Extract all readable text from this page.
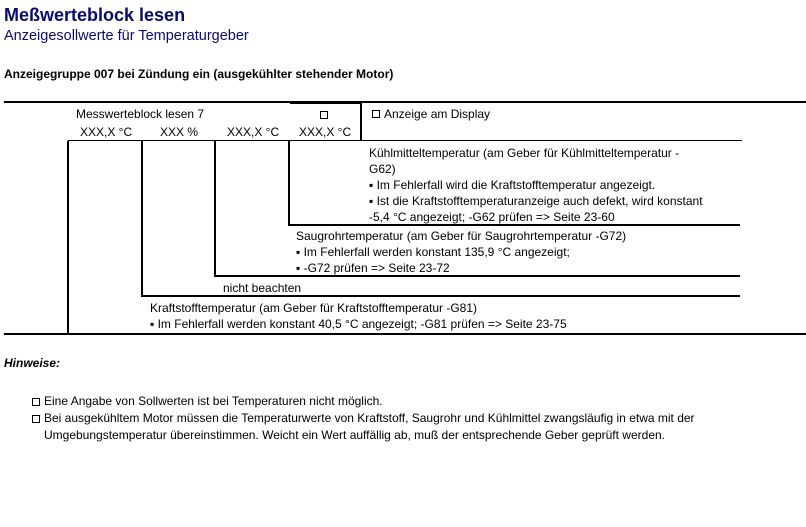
Meßwerteblock lesen
Anzeigesollwerte für Temperaturgeber
Anzeigegruppe 007 bei Zündung ein (ausgekühlter stehender Motor)
Messwerteblock lesen 7	Anzeige am Display
XXX,X °C XXX % XXX,X °C XXX,X °C
Kühlmitteltemperatur (am Geber für Kühlmitteltemperatur -
G62)
▪ Im Fehlerfall wird die Kraftstofftemperatur angezeigt.
▪ Ist die Kraftstofftemperaturanzeige auch defekt, wird konstant
-5,4 °C angezeigt; -G62 prüfen => Seite 23-60
Saugrohrtemperatur (am Geber für Saugrohrtemperatur -G72)
▪ Im Fehlerfall werden konstant 135,9 °C angezeigt;
▪ -G72 prüfen => Seite 23-72
nicht beachten
Kraftstofftemperatur (am Geber für Kraftstofftemperatur -G81)
▪ Im Fehlerfall werden konstant 40,5 °C angezeigt; -G81 prüfen => Seite 23-75
Hinweise:
Eine Angabe von Sollwerten ist bei Temperaturen nicht möglich.
Bei ausgekühltem Motor müssen die Temperaturwerte von Kraftstoff, Saugrohr und Kühlmittel zwangsläufig in etwa mit der Umgebungstemperatur übereinstimmen. Weicht ein Wert auffällig ab, muß der entsprechende Geber geprüft werden.
